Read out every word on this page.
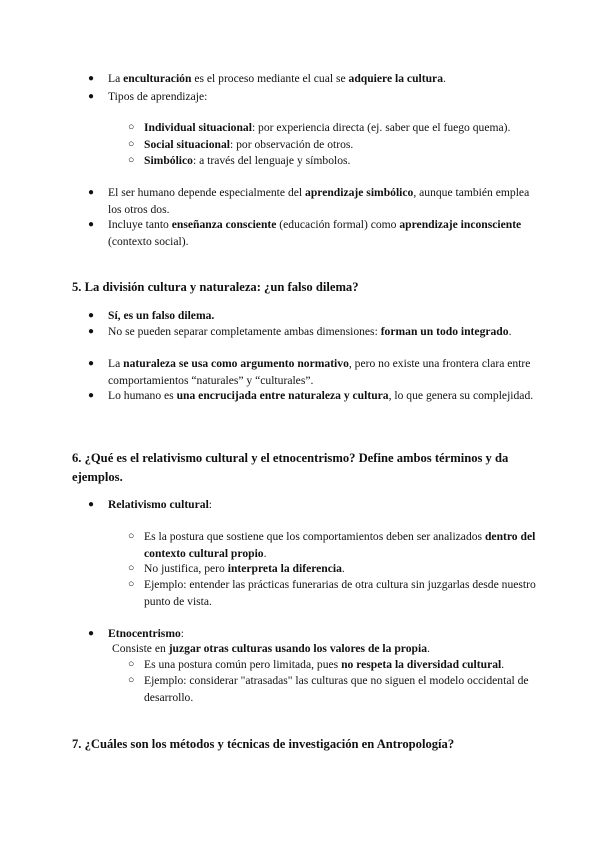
● La enculturación es el proceso mediante el cual se adquiere la cultura.
● Tipos de aprendizaje:
○ Individual situacional: por experiencia directa (ej. saber que el fuego quema).
○ Social situacional: por observación de otros.
○ Simbólico: a través del lenguaje y símbolos.
● El ser humano depende especialmente del aprendizaje simbólico, aunque también emplea los otros dos.
● Incluye tanto enseñanza consciente (educación formal) como aprendizaje inconsciente (contexto social).
5. La división cultura y naturaleza: ¿un falso dilema?
● Sí, es un falso dilema.
● No se pueden separar completamente ambas dimensiones: forman un todo integrado.
● La naturaleza se usa como argumento normativo, pero no existe una frontera clara entre comportamientos “naturales” y “culturales”.
● Lo humano es una encrucijada entre naturaleza y cultura, lo que genera su complejidad.
6. ¿Qué es el relativismo cultural y el etnocentrismo? Define ambos términos y da ejemplos.
● Relativismo cultural:
○ Es la postura que sostiene que los comportamientos deben ser analizados dentro del contexto cultural propio.
○ No justifica, pero interpreta la diferencia.
○ Ejemplo: entender las prácticas funerarias de otra cultura sin juzgarlas desde nuestro punto de vista.
● Etnocentrismo:
Consiste en juzgar otras culturas usando los valores de la propia.
○ Es una postura común pero limitada, pues no respeta la diversidad cultural.
○ Ejemplo: considerar "atrasadas" las culturas que no siguen el modelo occidental de desarrollo.
7. ¿Cuáles son los métodos y técnicas de investigación en Antropología?
